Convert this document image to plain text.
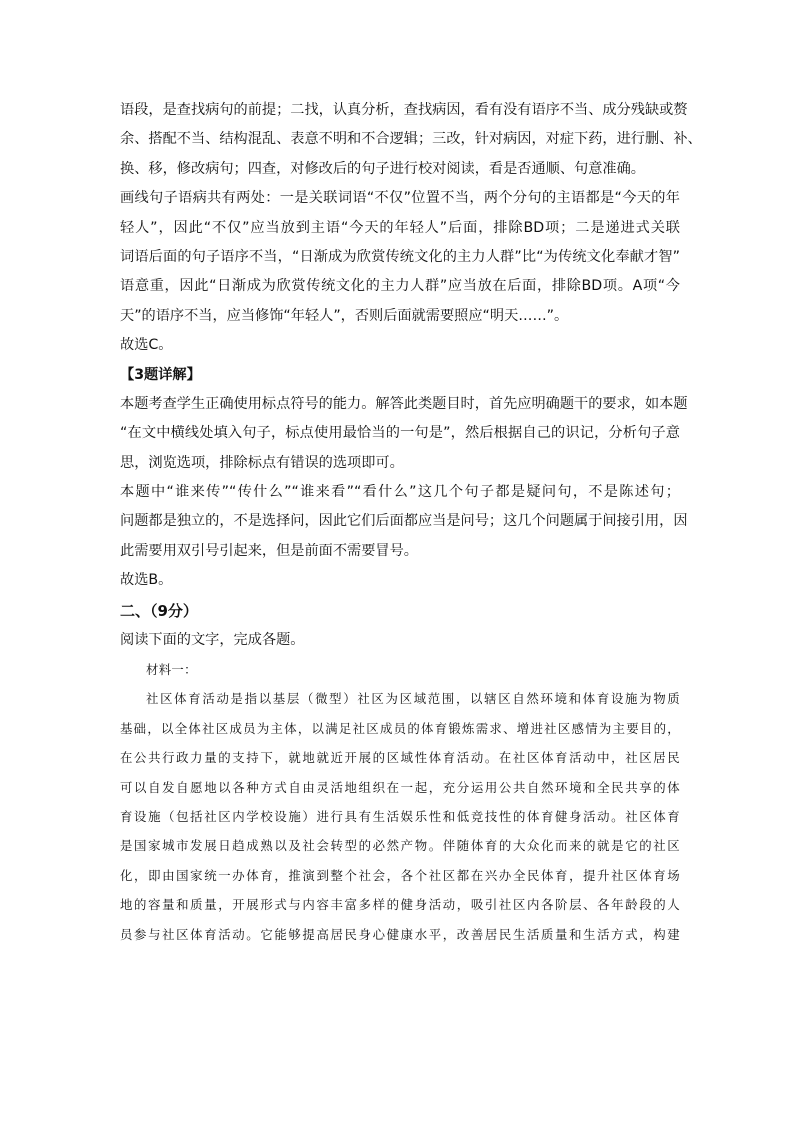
语段，是查找病句的前提；二找，认真分析，查找病因，看有没有语序不当、成分残缺或赘
余、搭配不当、结构混乱、表意不明和不合逻辑；三改，针对病因，对症下药，进行删、补、
换、移，修改病句；四查，对修改后的句子进行校对阅读，看是否通顺、句意准确。
画线句子语病共有两处：一是关联词语“不仅”位置不当，两个分句的主语都是“今天的年
轻人”，因此“不仅”应当放到主语“今天的年轻人”后面，排除BD项；二是递进式关联
词语后面的句子语序不当，“日渐成为欣赏传统文化的主力人群”比“为传统文化奉献才智”
语意重，因此“日渐成为欣赏传统文化的主力人群”应当放在后面，排除BD项。A项“今
天”的语序不当，应当修饰“年轻人”，否则后面就需要照应“明天……”。
故选C。
【3题详解】
本题考查学生正确使用标点符号的能力。解答此类题目时，首先应明确题干的要求，如本题
“在文中横线处填入句子，标点使用最恰当的一句是”，然后根据自己的识记，分析句子意
思，浏览选项，排除标点有错误的选项即可。
本题中“谁来传”“传什么”“谁来看”“看什么”这几个句子都是疑问句，不是陈述句；
问题都是独立的，不是选择问，因此它们后面都应当是问号；这几个问题属于间接引用，因
此需要用双引号引起来，但是前面不需要冒号。
故选B。
二、（9分）
阅读下面的文字，完成各题。
材料一：
社区体育活动是指以基层（微型）社区为区域范围，以辖区自然环境和体育设施为物质
基础，以全体社区成员为主体，以满足社区成员的体育锻炼需求、增进社区感情为主要目的，
在公共行政力量的支持下，就地就近开展的区域性体育活动。在社区体育活动中，社区居民
可以自发自愿地以各种方式自由灵活地组织在一起，充分运用公共自然环境和全民共享的体
育设施（包括社区内学校设施）进行具有生活娱乐性和低竞技性的体育健身活动。社区体育
是国家城市发展日趋成熟以及社会转型的必然产物。伴随体育的大众化而来的就是它的社区
化，即由国家统一办体育，推演到整个社会，各个社区都在兴办全民体育，提升社区体育场
地的容量和质量，开展形式与内容丰富多样的健身活动，吸引社区内各阶层、各年龄段的人
员参与社区体育活动。它能够提高居民身心健康水平，改善居民生活质量和生活方式，构建
